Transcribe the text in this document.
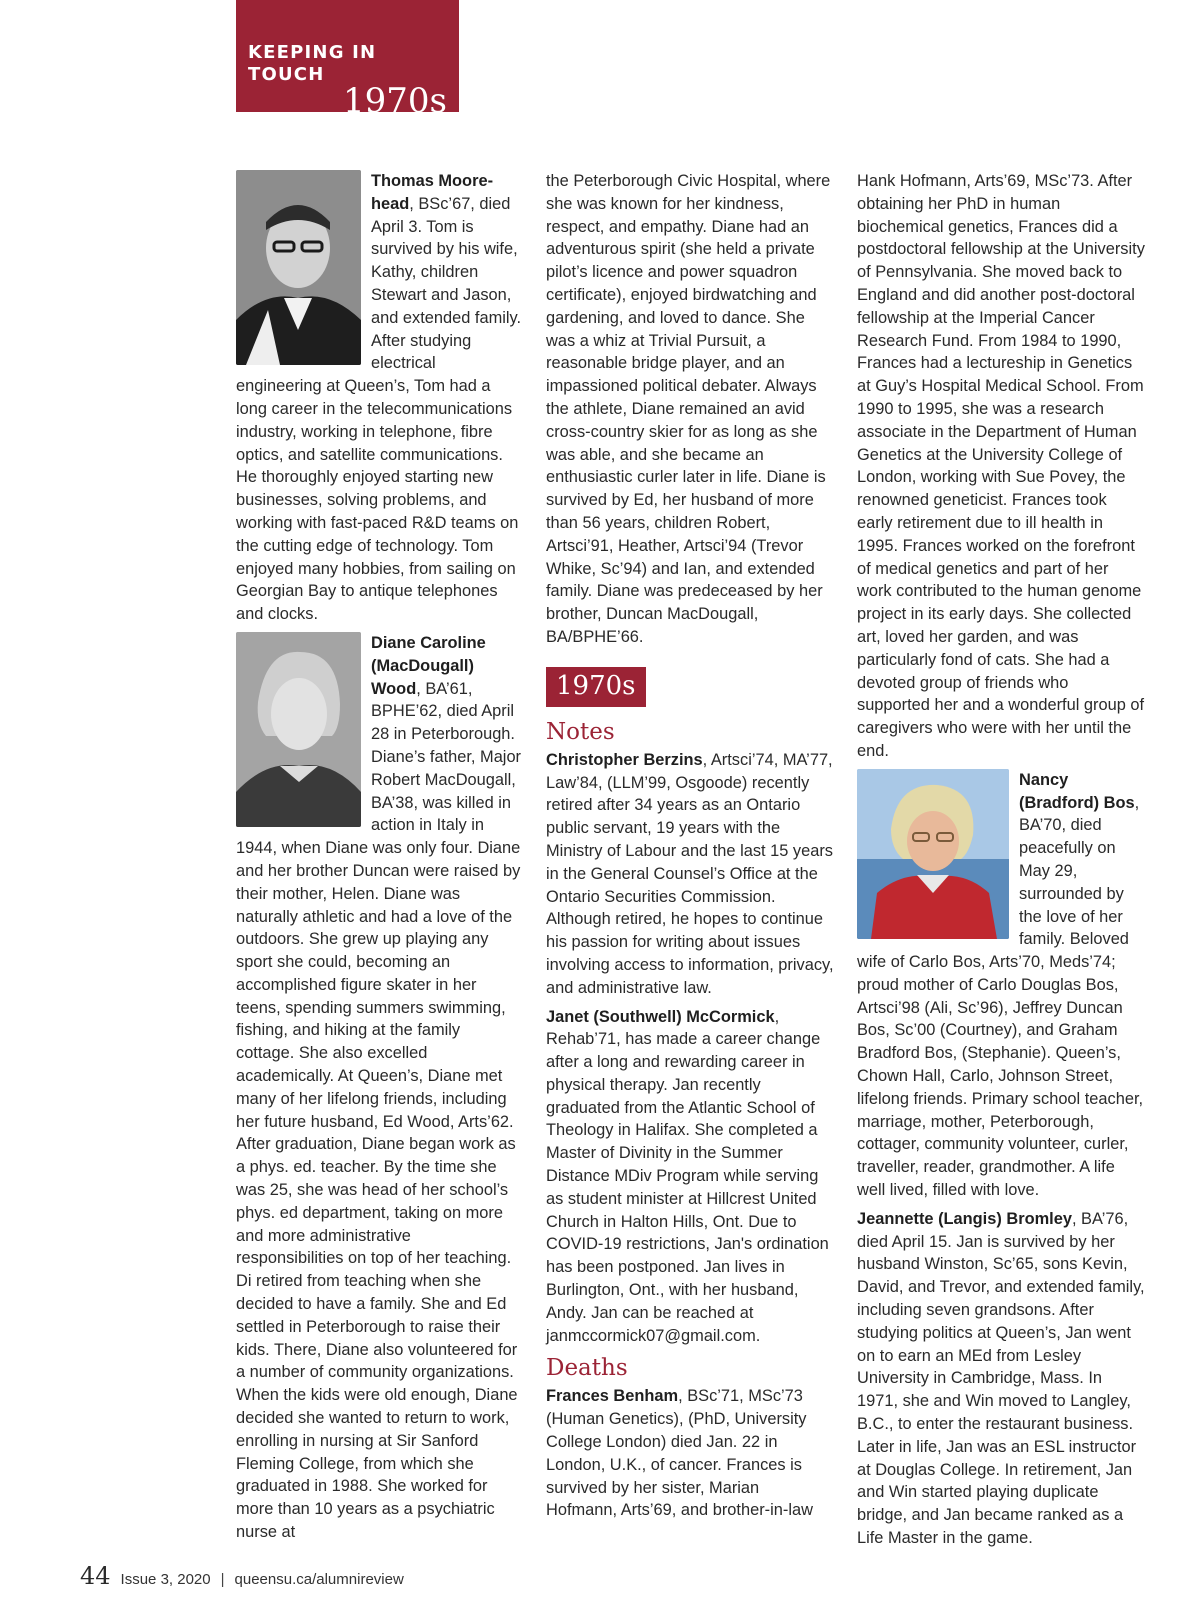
KEEPING IN TOUCH
1970s

Thomas Moore-head, BSc’67, died April 3. Tom is survived by his wife, Kathy, children Stewart and Jason, and extended family. After studying electrical engineering at Queen’s, Tom had a long career in the telecommunications industry, working in telephone, fibre optics, and satellite communications. He thoroughly enjoyed starting new businesses, solving problems, and working with fast-paced R&D teams on the cutting edge of technology. Tom enjoyed many hobbies, from sailing on Georgian Bay to antique telephones and clocks.

Diane Caroline (MacDougall) Wood, BA’61, BPHE’62, died April 28 in Peterborough. Diane’s father, Major Robert MacDougall, BA’38, was killed in action in Italy in 1944, when Diane was only four. Diane and her brother Duncan were raised by their mother, Helen. Diane was naturally athletic and had a love of the outdoors. She grew up playing any sport she could, becoming an accomplished figure skater in her teens, spending summers swimming, fishing, and hiking at the family cottage. She also excelled academically. At Queen’s, Diane met many of her lifelong friends, including her future husband, Ed Wood, Arts’62. After graduation, Diane began work as a phys. ed. teacher. By the time she was 25, she was head of her school’s phys. ed department, taking on more and more administrative responsibilities on top of her teaching. Di retired from teaching when she decided to have a family. She and Ed settled in Peterborough to raise their kids. There, Diane also volunteered for a number of community organizations. When the kids were old enough, Diane decided she wanted to return to work, enrolling in nursing at Sir Sanford Fleming College, from which she graduated in 1988. She worked for more than 10 years as a psychiatric nurse at

the Peterborough Civic Hospital, where she was known for her kindness, respect, and empathy. Diane had an adventurous spirit (she held a private pilot’s licence and power squadron certificate), enjoyed birdwatching and gardening, and loved to dance. She was a whiz at Trivial Pursuit, a reasonable bridge player, and an impassioned political debater. Always the athlete, Diane remained an avid cross-country skier for as long as she was able, and she became an enthusiastic curler later in life. Diane is survived by Ed, her husband of more than 56 years, children Robert, Artsci’91, Heather, Artsci’94 (Trevor Whike, Sc’94) and Ian, and extended family. Diane was predeceased by her brother, Duncan MacDougall, BA/BPHE’66.

1970s
Notes

Christopher Berzins, Artsci’74, MA’77, Law’84, (LLM’99, Osgoode) recently retired after 34 years as an Ontario public servant, 19 years with the Ministry of Labour and the last 15 years in the General Counsel’s Office at the Ontario Securities Commission. Although retired, he hopes to continue his passion for writing about issues involving access to information, privacy, and administrative law.

Janet (Southwell) McCormick, Rehab’71, has made a career change after a long and rewarding career in physical therapy. Jan recently graduated from the Atlantic School of Theology in Halifax. She completed a Master of Divinity in the Summer Distance MDiv Program while serving as student minister at Hillcrest United Church in Halton Hills, Ont. Due to COVID-19 restrictions, Jan's ordination has been postponed. Jan lives in Burlington, Ont., with her husband, Andy. Jan can be reached at janmccormick07@gmail.com.

Deaths

Frances Benham, BSc’71, MSc’73 (Human Genetics), (PhD, University College London) died Jan. 22 in London, U.K., of cancer. Frances is survived by her sister, Marian Hofmann, Arts’69, and brother-in-law

Hank Hofmann, Arts’69, MSc’73. After obtaining her PhD in human biochemical genetics, Frances did a postdoctoral fellowship at the University of Pennsylvania. She moved back to England and did another post-doctoral fellowship at the Imperial Cancer Research Fund. From 1984 to 1990, Frances had a lectureship in Genetics at Guy’s Hospital Medical School. From 1990 to 1995, she was a research associate in the Department of Human Genetics at the University College of London, working with Sue Povey, the renowned geneticist. Frances took early retirement due to ill health in 1995. Frances worked on the forefront of medical genetics and part of her work contributed to the human genome project in its early days. She collected art, loved her garden, and was particularly fond of cats. She had a devoted group of friends who supported her and a wonderful group of caregivers who were with her until the end.

Nancy (Bradford) Bos, BA’70, died peacefully on May 29, surrounded by the love of her family. Beloved wife of Carlo Bos, Arts’70, Meds’74; proud mother of Carlo Douglas Bos, Artsci’98 (Ali, Sc’96), Jeffrey Duncan Bos, Sc’00 (Courtney), and Graham Bradford Bos, (Stephanie). Queen’s, Chown Hall, Carlo, Johnson Street, lifelong friends. Primary school teacher, marriage, mother, Peterborough, cottager, community volunteer, curler, traveller, reader, grandmother. A life well lived, filled with love.

Jeannette (Langis) Bromley, BA’76, died April 15. Jan is survived by her husband Winston, Sc’65, sons Kevin, David, and Trevor, and extended family, including seven grandsons. After studying politics at Queen’s, Jan went on to earn an MEd from Lesley University in Cambridge, Mass. In 1971, she and Win moved to Langley, B.C., to enter the restaurant business. Later in life, Jan was an ESL instructor at Douglas College. In retirement, Jan and Win started playing duplicate bridge, and Jan became ranked as a Life Master in the game.

44 Issue 3, 2020 | queensu.ca/alumnireview
